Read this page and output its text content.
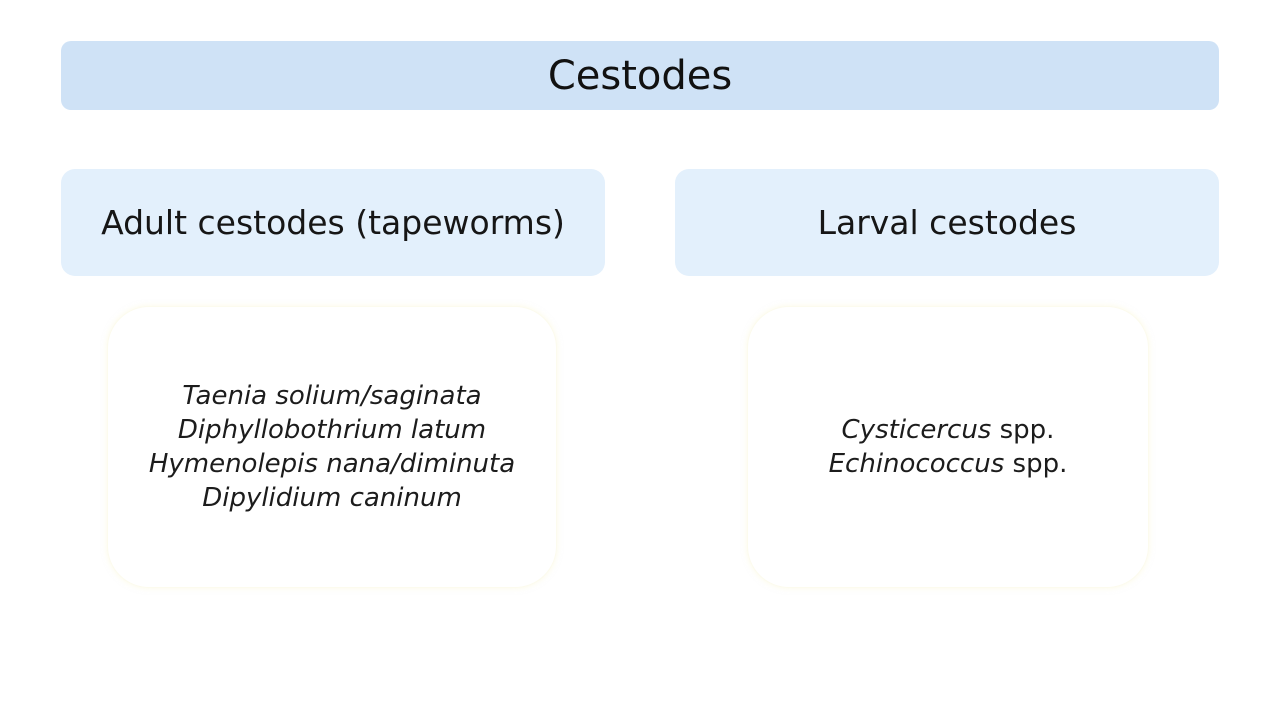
Cestodes
Adult cestodes (tapeworms)	Larval cestodes
Taenia solium/saginata
Diphyllobothrium latum
Hymenolepis nana/diminuta
Dipylidium caninum
Cysticercus spp.
Echinococcus spp.
